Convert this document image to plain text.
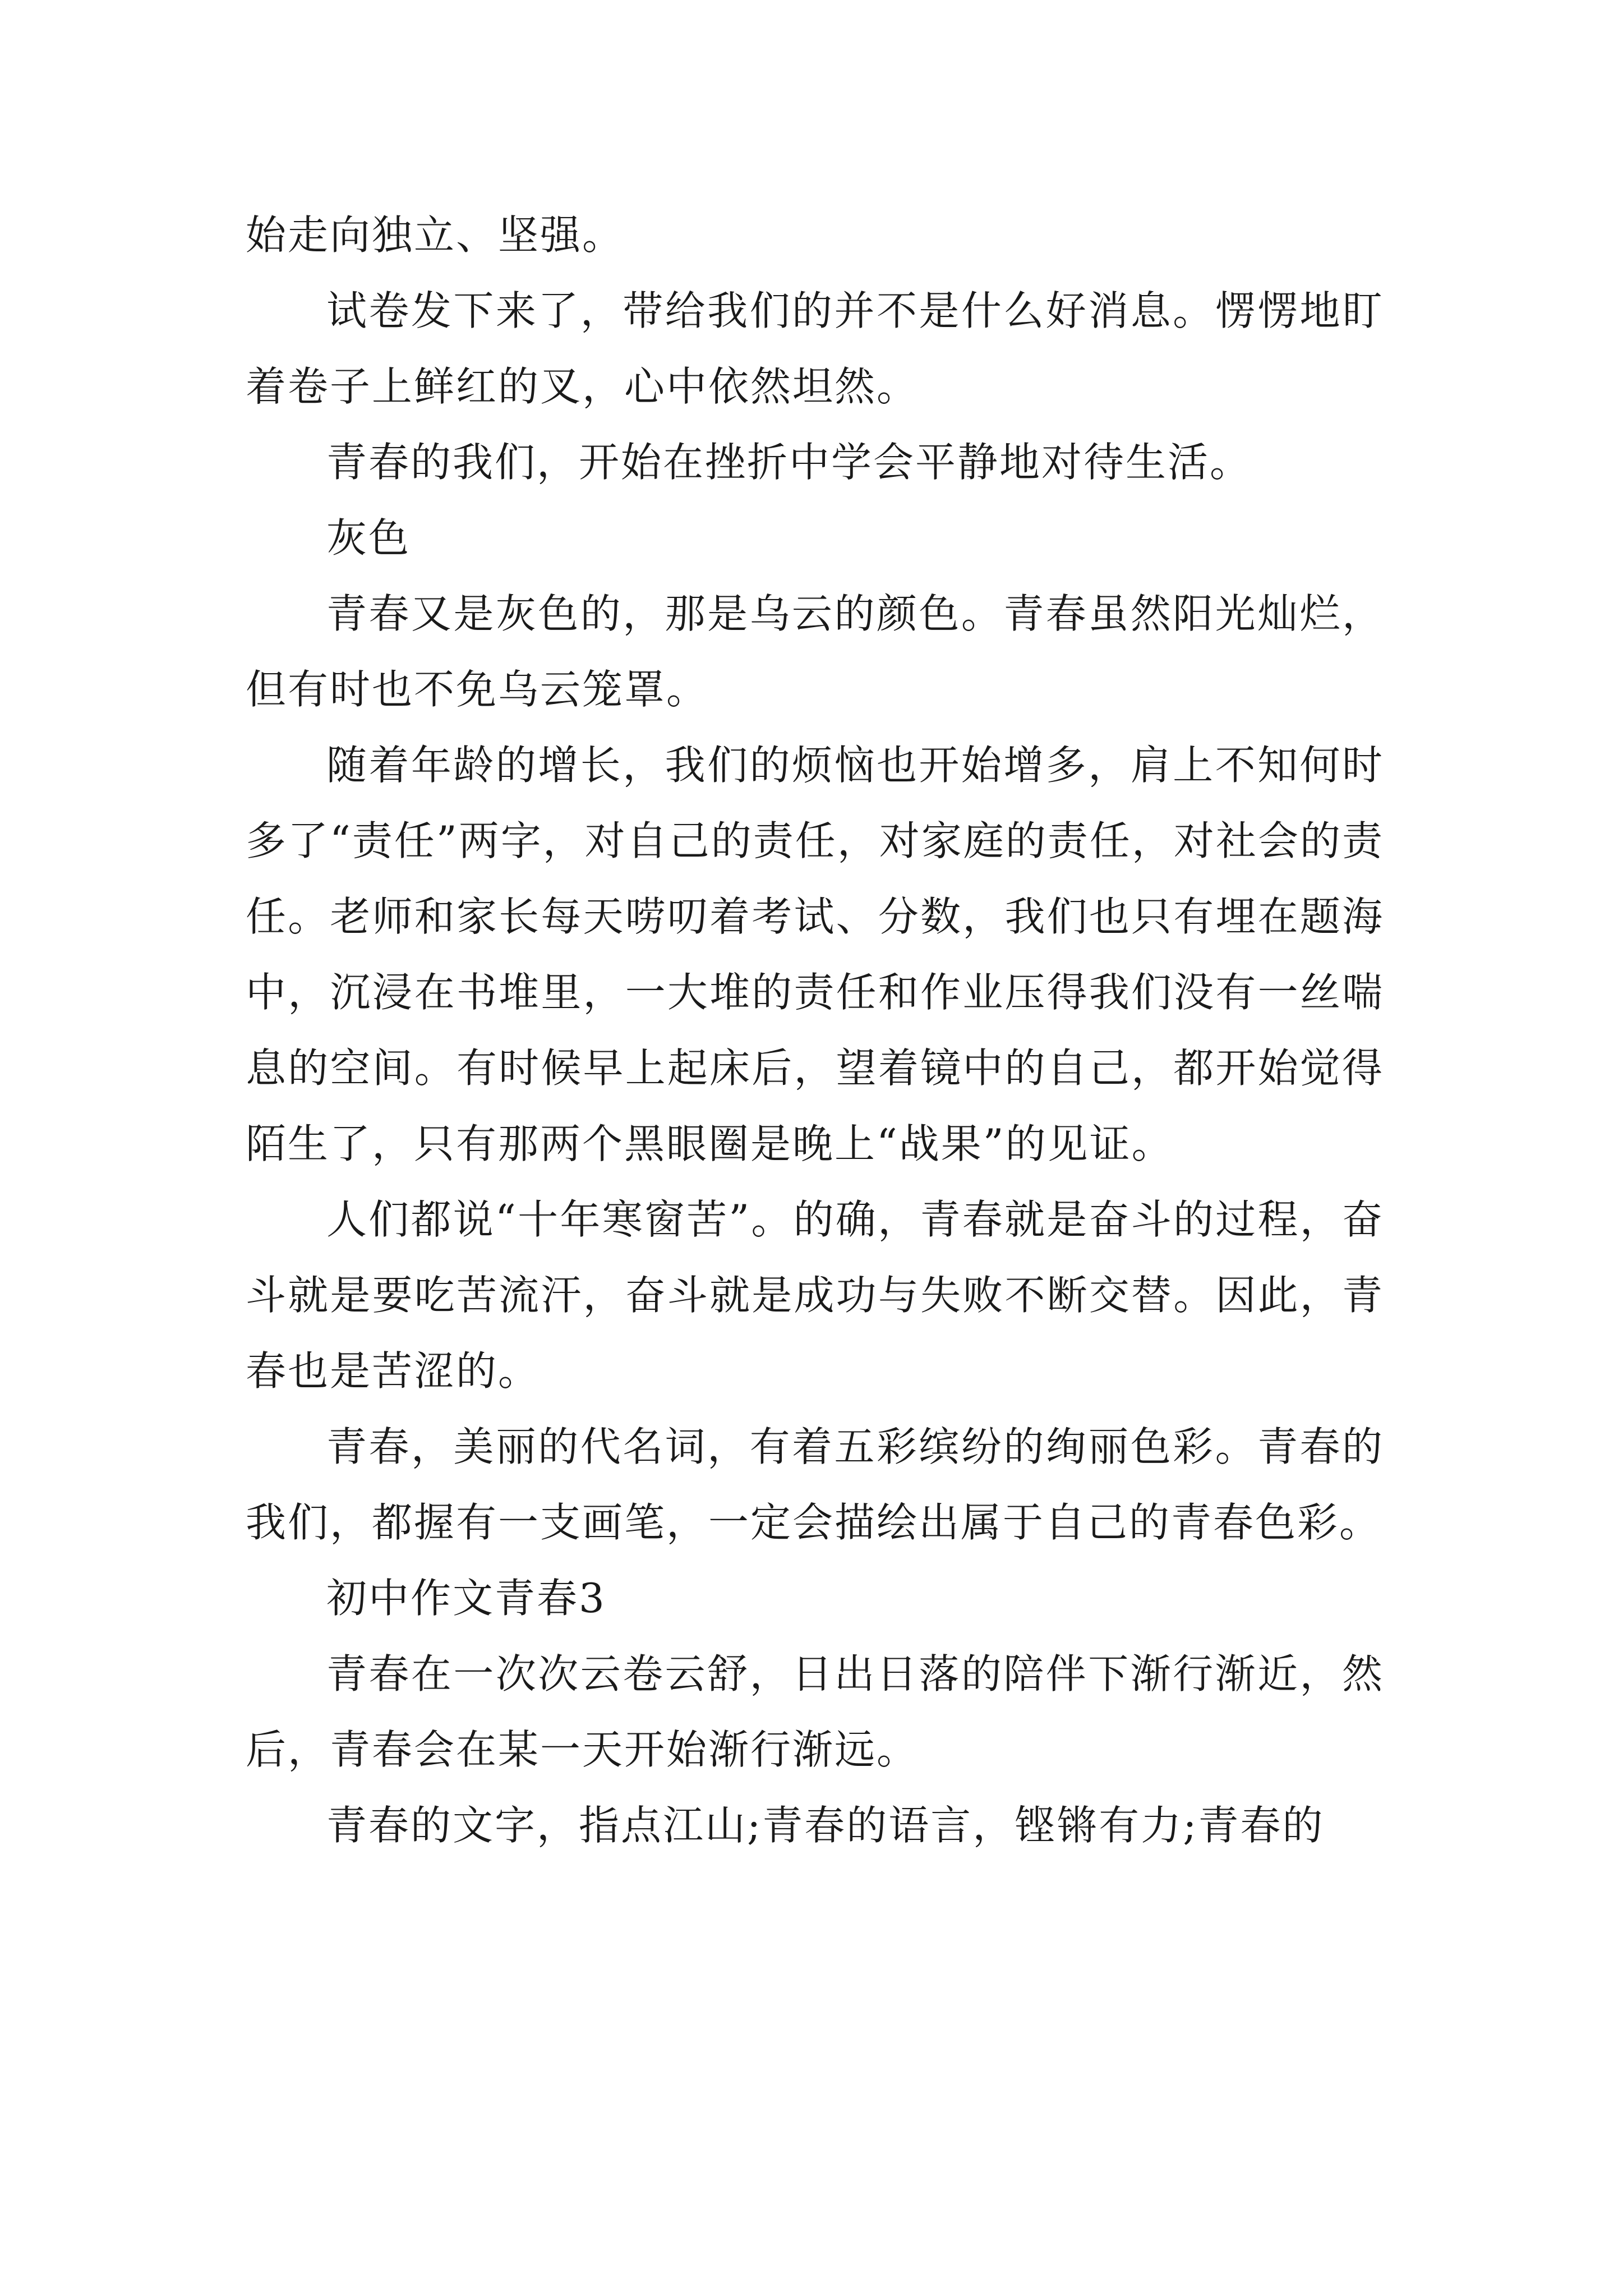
始走向独立、坚强。

试卷发下来了，带给我们的并不是什么好消息。愣愣地盯着卷子上鲜红的叉，心中依然坦然。

青春的我们，开始在挫折中学会平静地对待生活。

灰色

青春又是灰色的，那是乌云的颜色。青春虽然阳光灿烂，但有时也不免乌云笼罩。

随着年龄的增长，我们的烦恼也开始增多，肩上不知何时多了“责任”两字，对自己的责任，对家庭的责任，对社会的责任。老师和家长每天唠叨着考试、分数，我们也只有埋在题海中，沉浸在书堆里，一大堆的责任和作业压得我们没有一丝喘息的空间。有时候早上起床后，望着镜中的自己，都开始觉得陌生了，只有那两个黑眼圈是晚上“战果”的见证。

人们都说“十年寒窗苦”。的确，青春就是奋斗的过程，奋斗就是要吃苦流汗，奋斗就是成功与失败不断交替。因此，青春也是苦涩的。

青春，美丽的代名词，有着五彩缤纷的绚丽色彩。青春的我们，都握有一支画笔，一定会描绘出属于自己的青春色彩。

初中作文青春3

青春在一次次云卷云舒，日出日落的陪伴下渐行渐近，然后，青春会在某一天开始渐行渐远。

青春的文字，指点江山;青春的语言，铿锵有力;青春的
